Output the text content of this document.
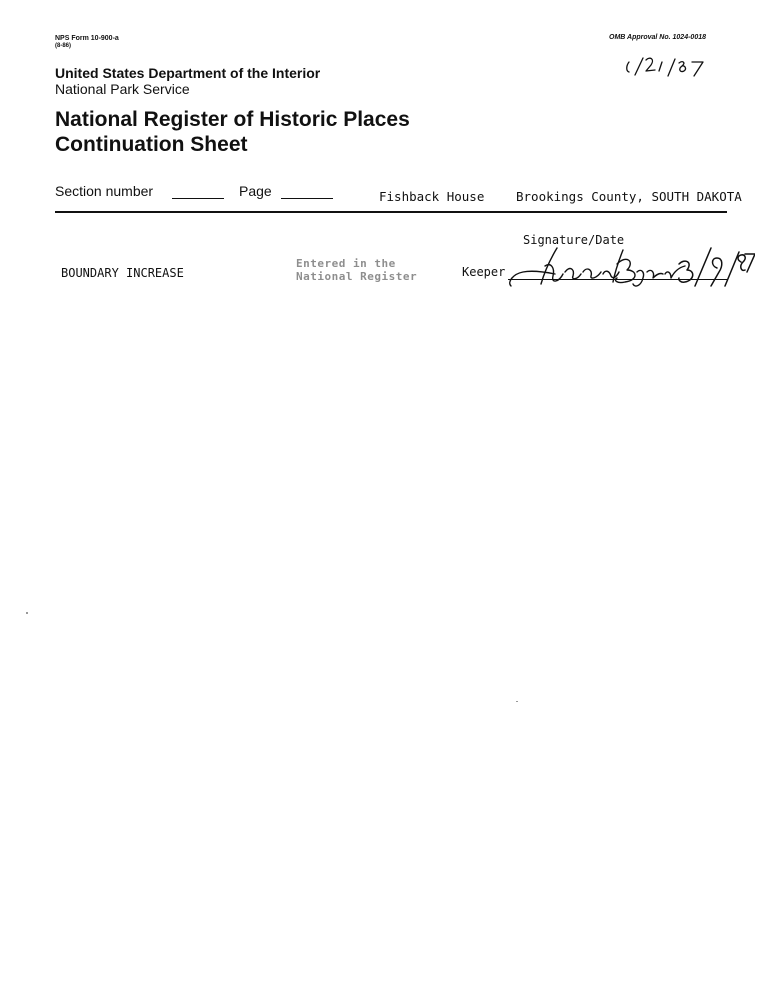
NPS Form 10-900-a
(8-86)
OMB Approval No. 1024-0018
United States Department of the Interior
National Park Service
National Register of Historic Places
Continuation Sheet
Section number	Page	Fishback House	Brookings County, SOUTH DAKOTA
BOUNDARY INCREASE
Entered in the
National Register
Signature/Date
Keeper
